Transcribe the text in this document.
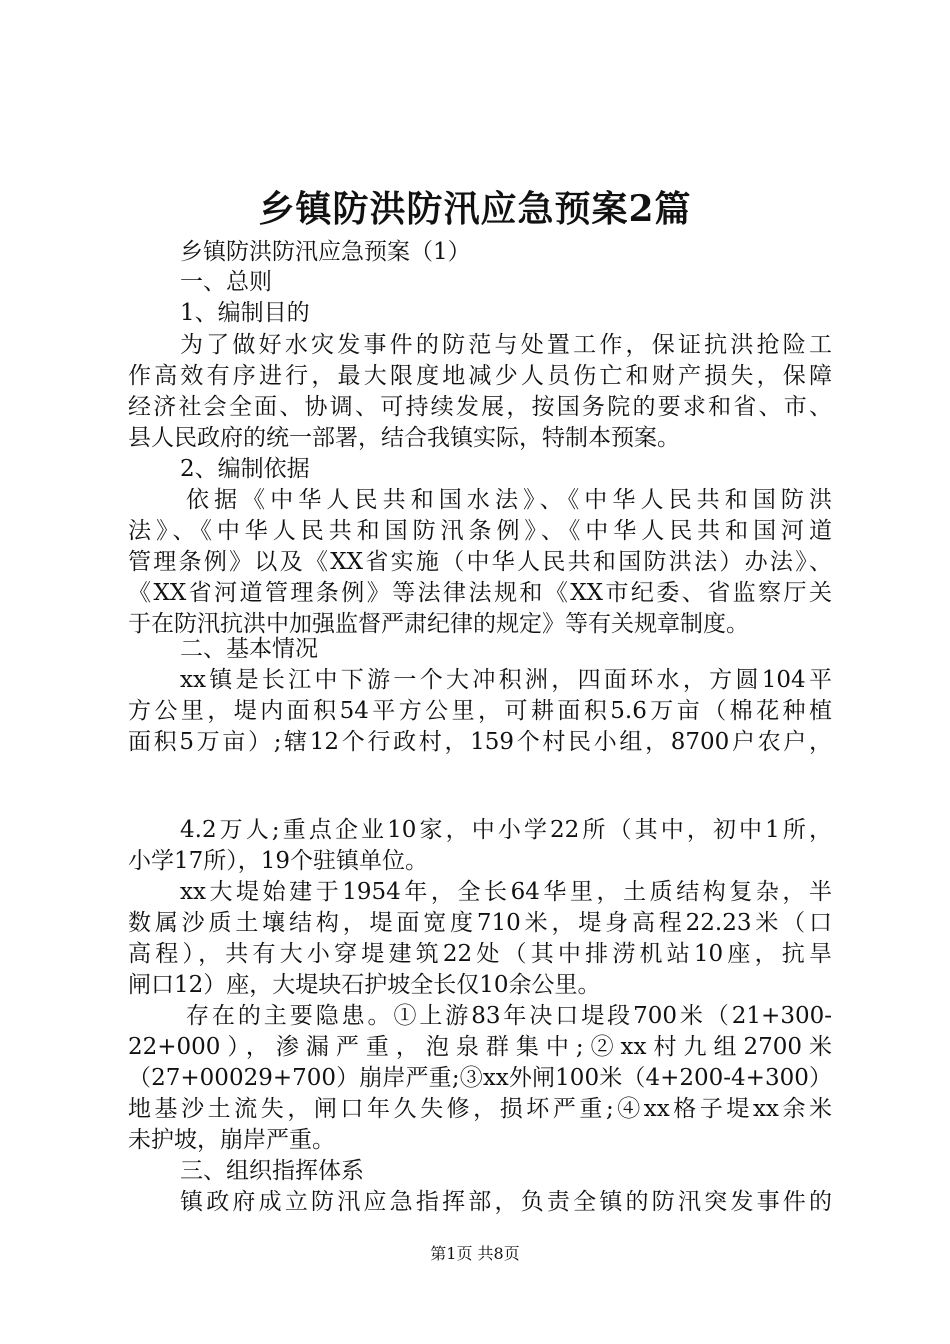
乡镇防洪防汛应急预案2篇
乡镇防洪防汛应急预案（1）
一、总则
1、编制目的
为了做好水灾发事件的防范与处置工作，保证抗洪抢险工
作高效有序进行，最大限度地减少人员伤亡和财产损失，保障
经济社会全面、协调、可持续发展，按国务院的要求和省、市、
县人民政府的统一部署，结合我镇实际，特制本预案。
2、编制依据
依据《中华人民共和国水法》、《中华人民共和国防洪
法》、《中华人民共和国防汛条例》、《中华人民共和国河道
管理条例》以及《XX省实施（中华人民共和国防洪法）办法》、
《XX省河道管理条例》等法律法规和《XX市纪委、省监察厅关
于在防汛抗洪中加强监督严肃纪律的规定》等有关规章制度。
二、基本情况
xx镇是长江中下游一个大冲积洲，四面环水，方圆104平
方公里，堤内面积54平方公里，可耕面积5.6万亩（棉花种植
面积5万亩）;辖12个行政村，159个村民小组，8700户农户，
4.2万人;重点企业10家，中小学22所（其中，初中1所，
小学17所），19个驻镇单位。
xx大堤始建于1954年，全长64华里，土质结构复杂，半
数属沙质土壤结构，堤面宽度710米，堤身高程22.23米（口
高程），共有大小穿堤建筑22处（其中排涝机站10座，抗旱
闸口12）座，大堤块石护坡全长仅10余公里。
存在的主要隐患。①上游83年决口堤段700米（21+300-
22+000），渗漏严重，泡泉群集中;②xx村九组2700米
（27+00029+700）崩岸严重;③xx外闸100米（4+200-4+300）
地基沙土流失，闸口年久失修，损坏严重;④xx格子堤xx余米
未护坡，崩岸严重。
三、组织指挥体系
镇政府成立防汛应急指挥部，负责全镇的防汛突发事件的
第1页 共8页
